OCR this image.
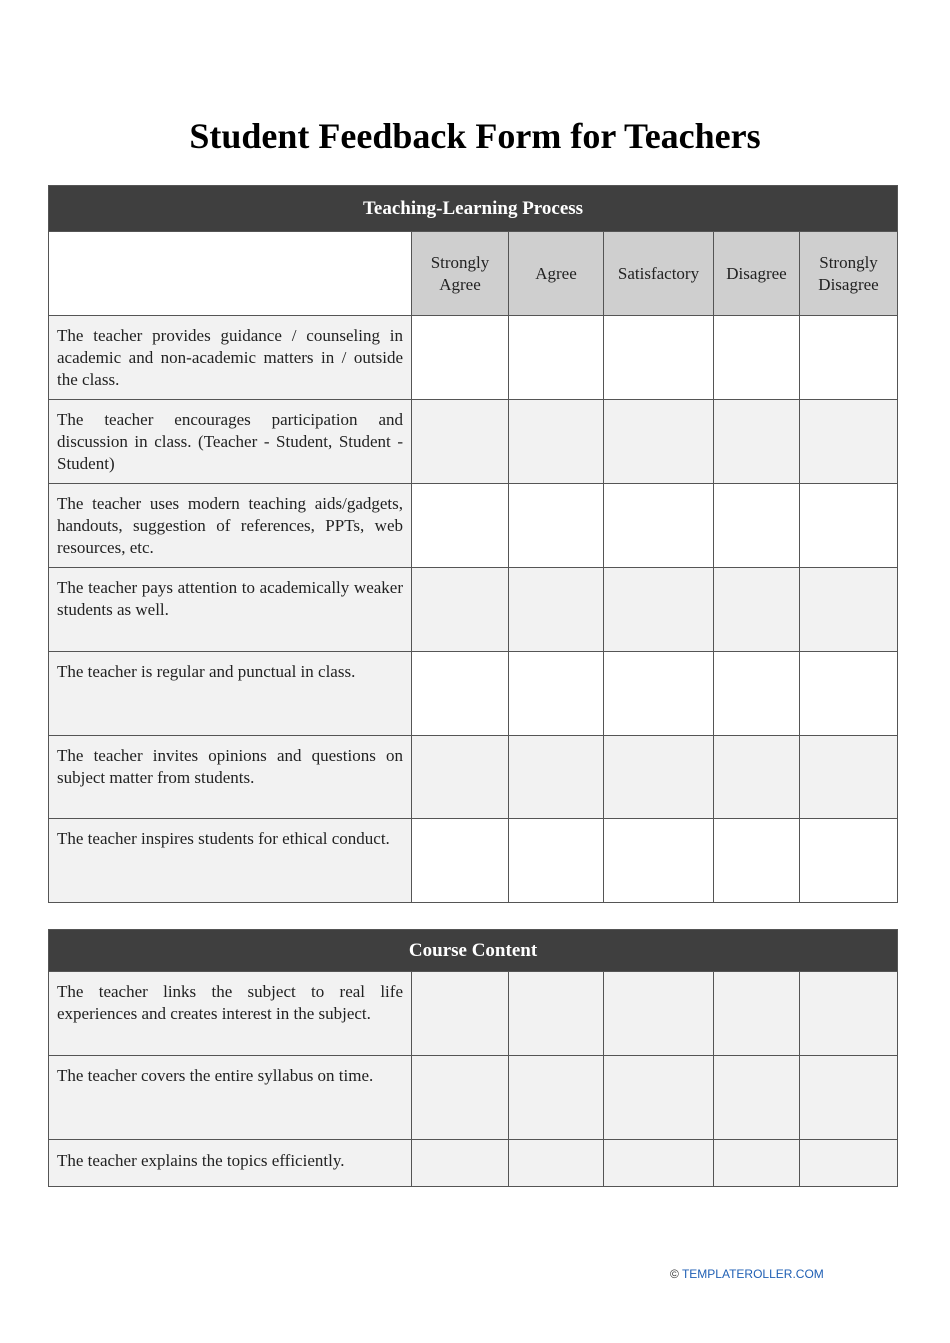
Student Feedback Form for Teachers
Teaching-Learning Process					
	Strongly Agree	Agree	Satisfactory	Disagree	Strongly Disagree
The teacher provides guidance / counseling in academic and non-academic matters in / outside the class.					
The teacher encourages participation and discussion in class. (Teacher - Student, Student - Student)					
The teacher uses modern teaching aids/gadgets, handouts, suggestion of references, PPTs, web resources, etc.					
The teacher pays attention to academically weaker students as well.					
The teacher is regular and punctual in class.					
The teacher invites opinions and questions on subject matter from students.					
The teacher inspires students for ethical conduct.					
Course Content					
The teacher links the subject to real life experiences and creates interest in the subject.					
The teacher covers the entire syllabus on time.					
The teacher explains the topics efficiently.					
© TEMPLATEROLLER.COM
